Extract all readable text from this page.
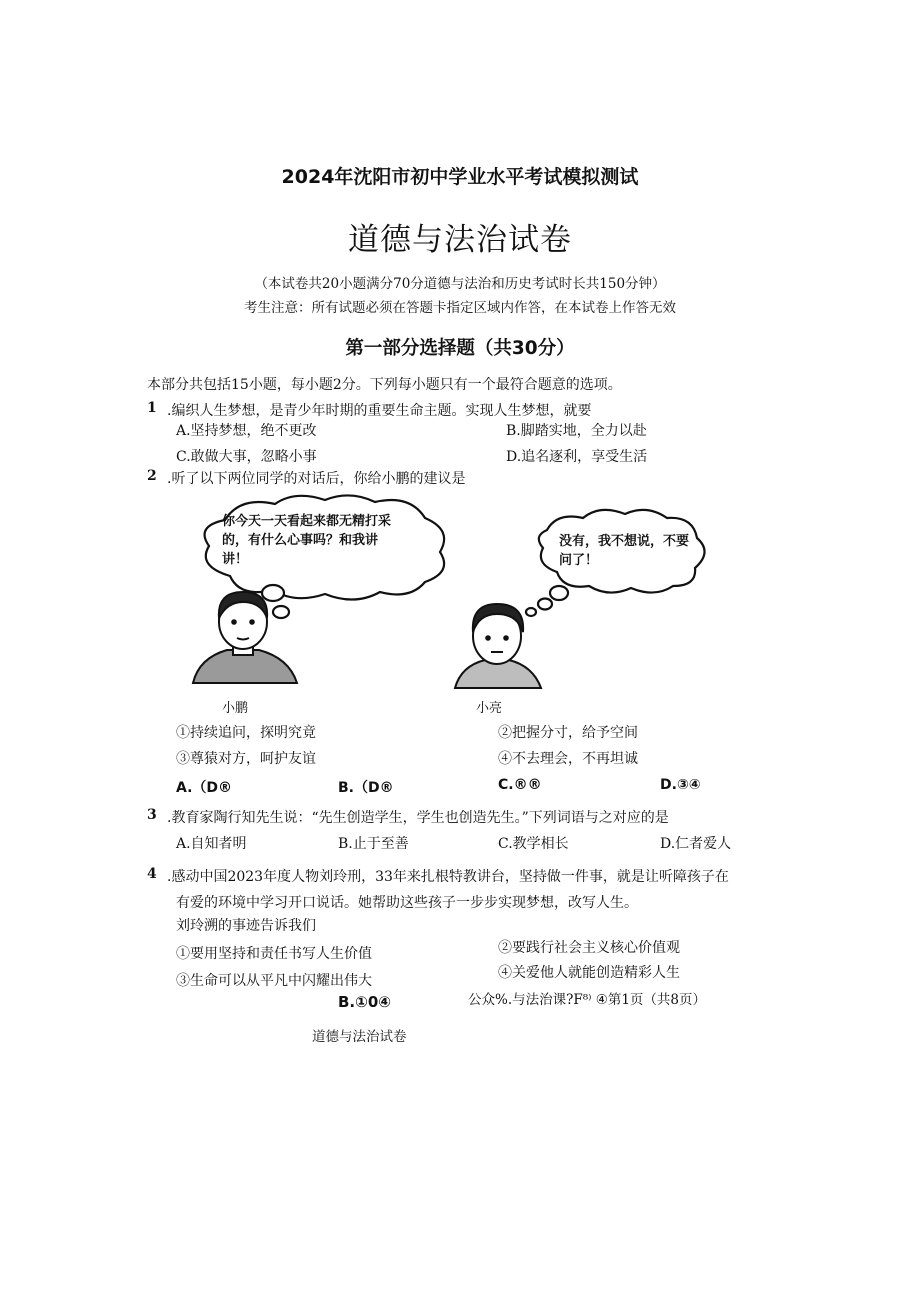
2024年沈阳市初中学业水平考试模拟测试
道德与法治试卷
（本试卷共20小题满分70分道德与法治和历史考试时长共150分钟）
考生注意：所有试题必须在答题卡指定区域内作答，在本试卷上作答无效
第一部分选择题（共30分）
本部分共包括15小题，每小题2分。下列每小题只有一个最符合题意的选项。
1 .编织人生梦想，是青少年时期的重要生命主题。实现人生梦想，就要
A.坚持梦想，绝不更改	B.脚踏实地，全力以赴
C.敢做大事，忽略小事	D.追名逐利，享受生活
2 .听了以下两位同学的对话后，你给小鹏的建议是
你今天一天看起来都无精打采的，有什么心事吗？和我讲讲！
没有，我不想说，不要问了！
小鹏	小亮
①持续追问，探明究竟	②把握分寸，给予空间
③尊猿对方，呵护友谊	④不去理会，不再坦诚
A.（D®	B.（D®	C.®®	D.③④
3 .教育家陶行知先生说：“先生创造学生，学生也创造先生。”下列词语与之对应的是
A.自知者明	B.止于至善	C.教学相长	D.仁者爱人
4 .感动中国2023年度人物刘玲刑，33年来扎根特教讲台，坚持做一件事，就是让听障孩子在
有爱的环境中学习开口说话。她帮助这些孩子一步步实现梦想，改写人生。
刘玲溯的事迹告诉我们
①要用坚持和责任书写人生价值	②要践行社会主义核心价值观
③生命可以从平凡中闪耀出伟大	④关爱他人就能创造精彩人生
B.①0④	公众%.与法治课?F⁸⁾ ④第1页（共8页）
道德与法治试卷
